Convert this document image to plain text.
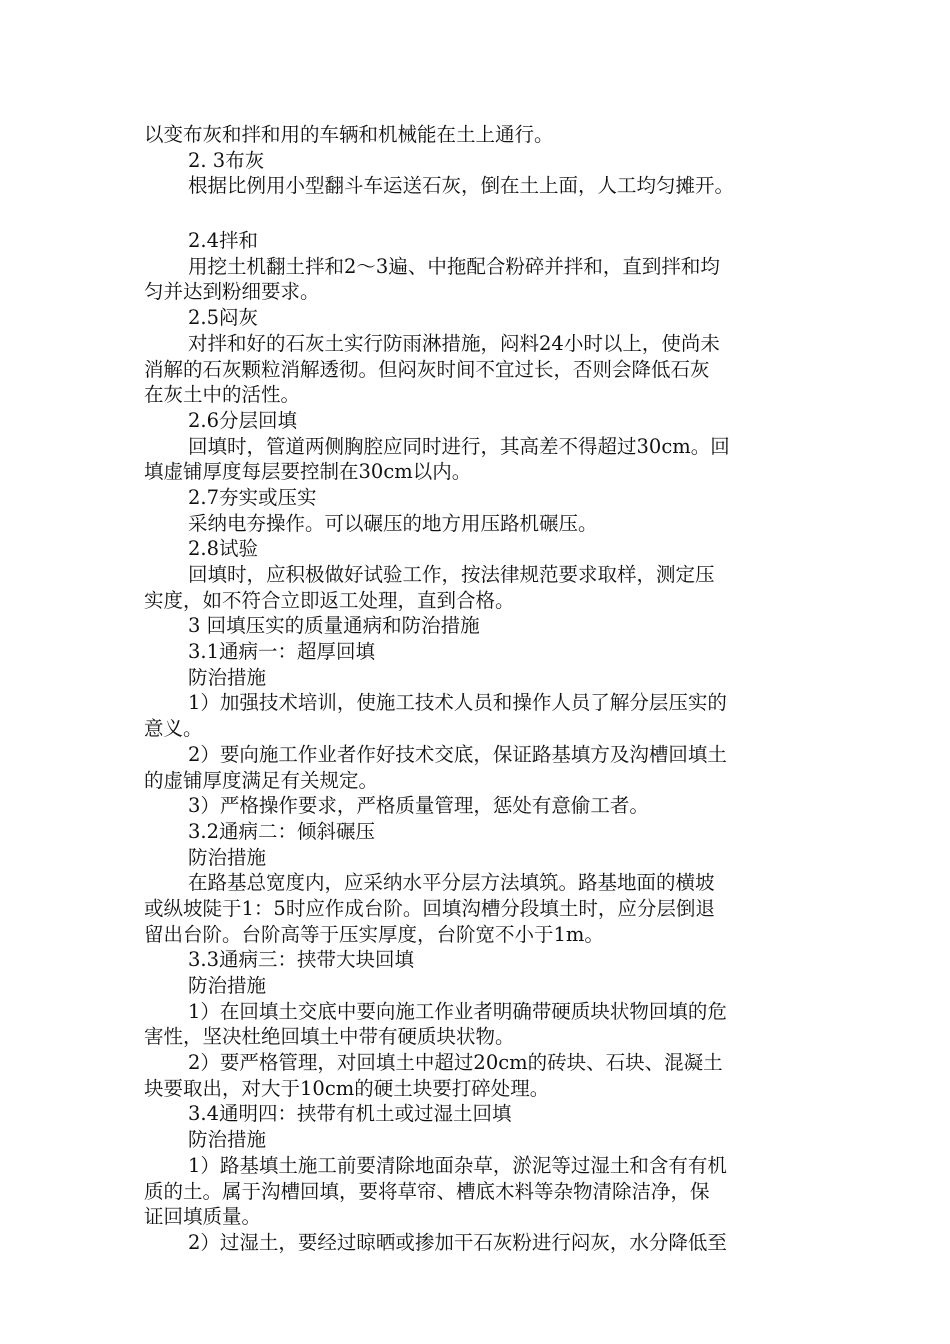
以变布灰和拌和用的车辆和机械能在土上通行。
2. 3布灰
根据比例用小型翻斗车运送石灰，倒在土上面，人工均匀摊开。
2.4拌和
用挖土机翻土拌和2～3遍、中拖配合粉碎并拌和，直到拌和均
匀并达到粉细要求。
2.5闷灰
对拌和好的石灰土实行防雨淋措施，闷料24小时以上，使尚未
消解的石灰颗粒消解透彻。但闷灰时间不宜过长，否则会降低石灰
在灰土中的活性。
2.6分层回填
回填时，管道两侧胸腔应同时进行，其高差不得超过30cm。回
填虚铺厚度每层要控制在30cm以内。
2.7夯实或压实
采纳电夯操作。可以碾压的地方用压路机碾压。
2.8试验
回填时，应积极做好试验工作，按法律规范要求取样，测定压
实度，如不符合立即返工处理，直到合格。
3 回填压实的质量通病和防治措施
3.1通病一：超厚回填
防治措施
1）加强技术培训，使施工技术人员和操作人员了解分层压实的
意义。
2）要向施工作业者作好技术交底，保证路基填方及沟槽回填土
的虚铺厚度满足有关规定。
3）严格操作要求，严格质量管理，惩处有意偷工者。
3.2通病二：倾斜碾压
防治措施
在路基总宽度内，应采纳水平分层方法填筑。路基地面的横坡
或纵坡陡于1：5时应作成台阶。回填沟槽分段填土时，应分层倒退
留出台阶。台阶高等于压实厚度，台阶宽不小于1m。
3.3通病三：挟带大块回填
防治措施
1）在回填土交底中要向施工作业者明确带硬质块状物回填的危
害性，坚决杜绝回填土中带有硬质块状物。
2）要严格管理，对回填土中超过20cm的砖块、石块、混凝土
块要取出，对大于10cm的硬土块要打碎处理。
3.4通明四：挟带有机土或过湿土回填
防治措施
1）路基填土施工前要清除地面杂草，淤泥等过湿土和含有有机
质的土。属于沟槽回填，要将草帘、槽底木料等杂物清除洁净，保
证回填质量。
2）过湿土，要经过晾晒或掺加干石灰粉进行闷灰，水分降低至
